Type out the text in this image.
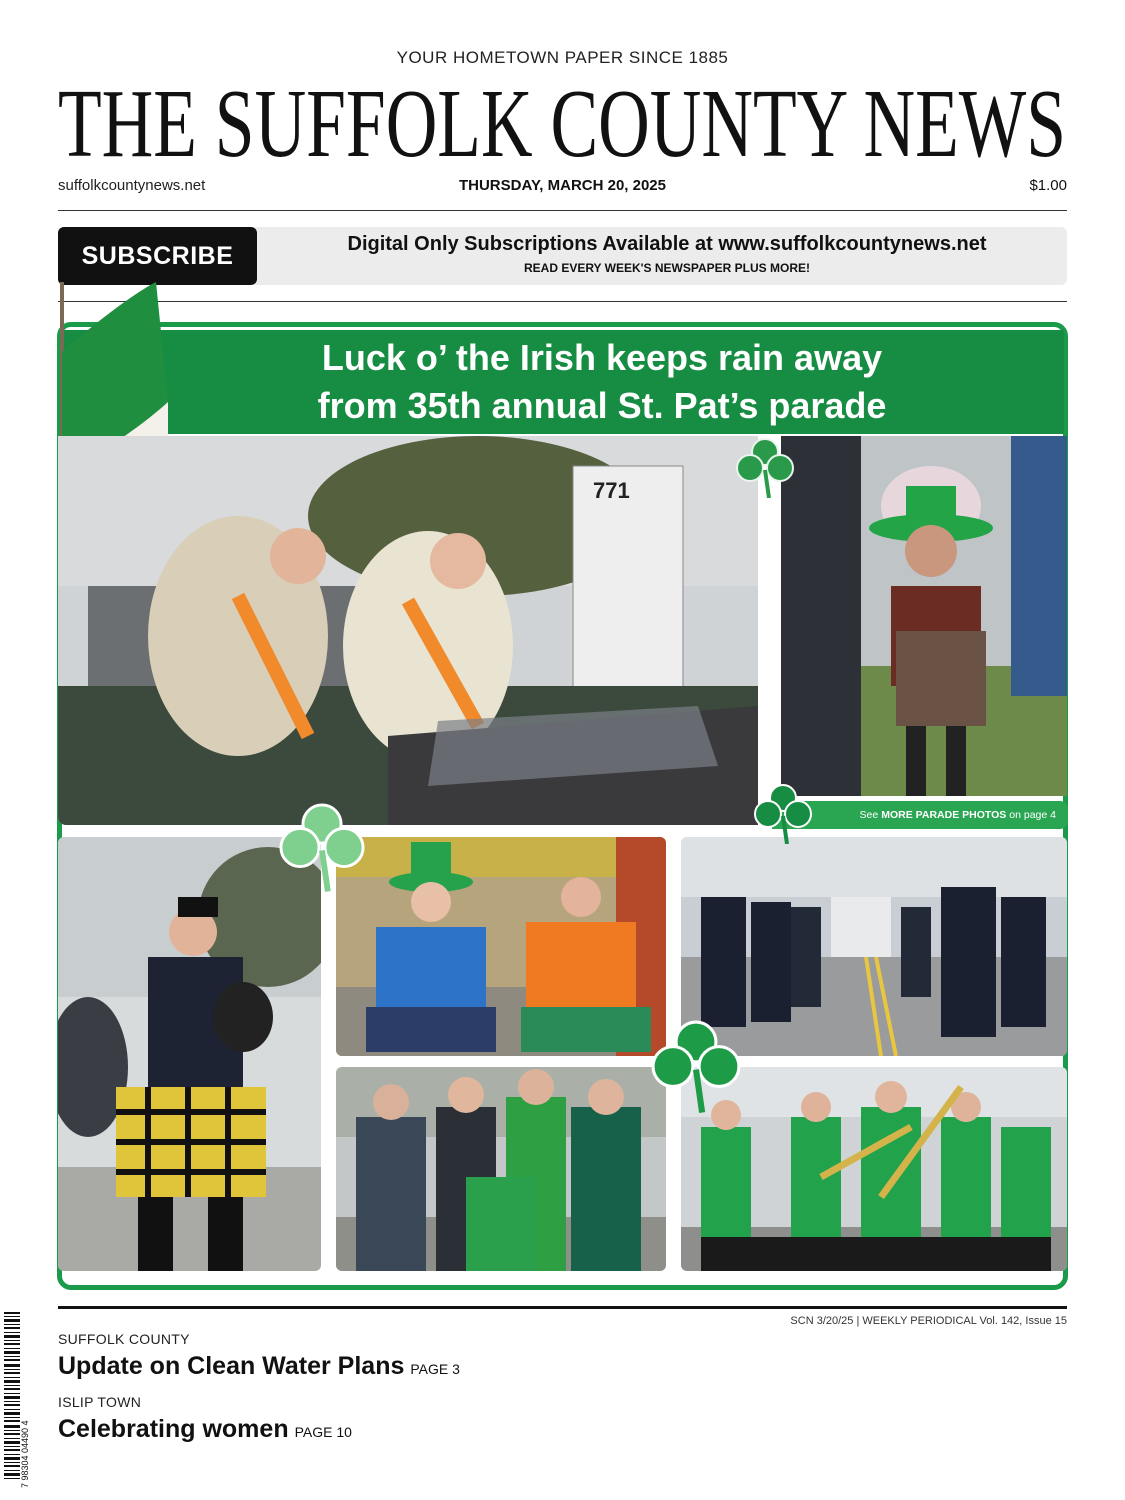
YOUR HOMETOWN PAPER SINCE 1885
THE SUFFOLK COUNTY NEWS
suffolkcountynews.net	THURSDAY, MARCH 20, 2025	$1.00
SUBSCRIBE	Digital Only Subscriptions Available at www.suffolkcountynews.net
READ EVERY WEEK'S NEWSPAPER PLUS MORE!
Luck o’ the Irish keeps rain away
from 35th annual St. Pat’s parade
771
See MORE PARADE PHOTOS on page 4
SCN 3/20/25 | WEEKLY PERIODICAL Vol. 142, Issue 15
7 98304 04490 4
SUFFOLK COUNTY
Update on Clean Water Plans PAGE 3
ISLIP TOWN
Celebrating women PAGE 10
